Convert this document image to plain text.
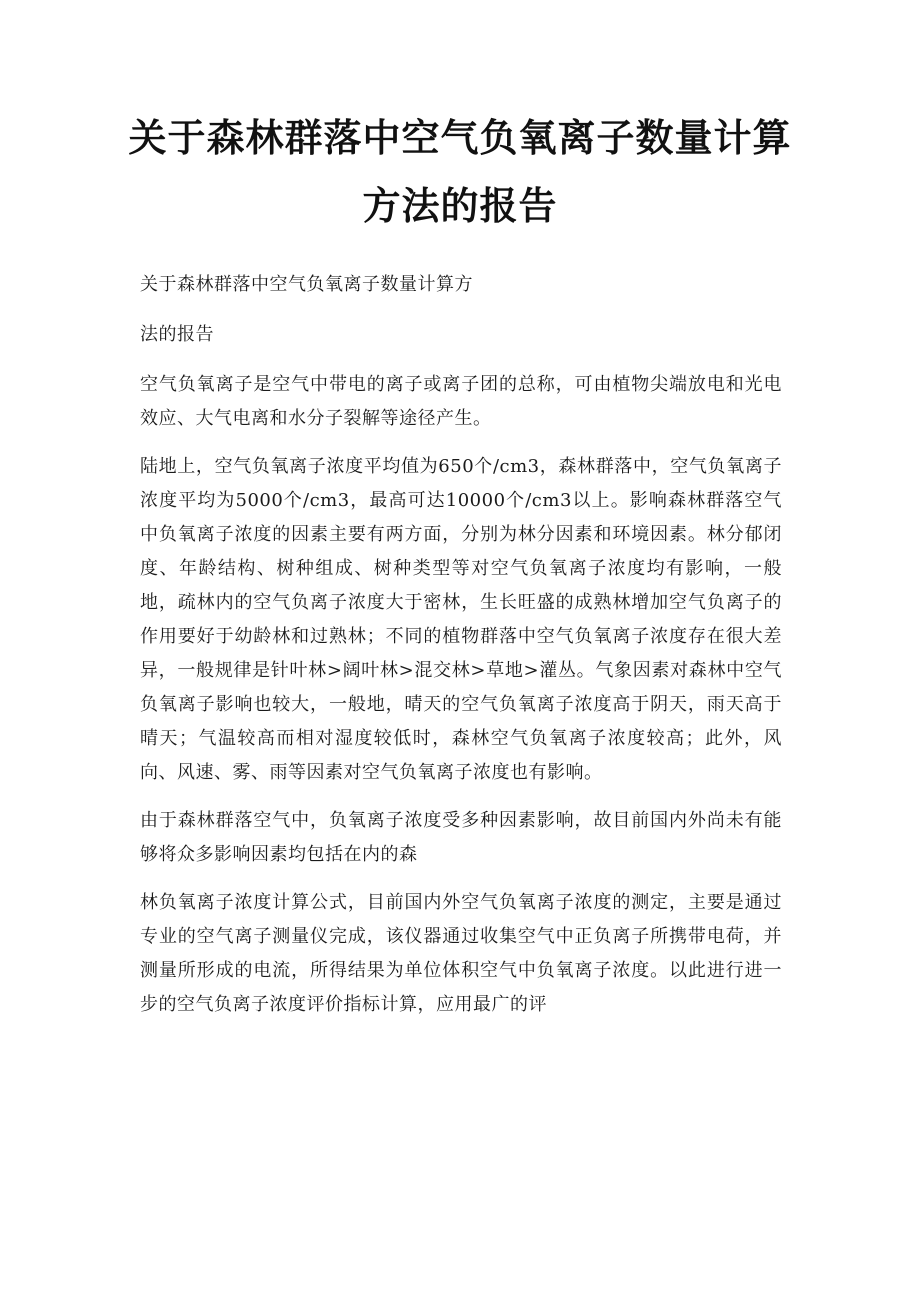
关于森林群落中空气负氧离子数量计算方法的报告

关于森林群落中空气负氧离子数量计算方

法的报告

空气负氧离子是空气中带电的离子或离子团的总称，可由植物尖端放电和光电效应、大气电离和水分子裂解等途径产生。

陆地上，空气负氧离子浓度平均值为650个/cm3，森林群落中，空气负氧离子浓度平均为5000个/cm3，最高可达10000个/cm3以上。影响森林群落空气中负氧离子浓度的因素主要有两方面，分别为林分因素和环境因素。林分郁闭度、年龄结构、树种组成、树种类型等对空气负氧离子浓度均有影响，一般地，疏林内的空气负离子浓度大于密林，生长旺盛的成熟林增加空气负离子的作用要好于幼龄林和过熟林；不同的植物群落中空气负氧离子浓度存在很大差异，一般规律是针叶林>阔叶林>混交林>草地>灌丛。气象因素对森林中空气负氧离子影响也较大，一般地，晴天的空气负氧离子浓度高于阴天，雨天高于晴天；气温较高而相对湿度较低时，森林空气负氧离子浓度较高；此外，风向、风速、雾、雨等因素对空气负氧离子浓度也有影响。

由于森林群落空气中，负氧离子浓度受多种因素影响，故目前国内外尚未有能够将众多影响因素均包括在内的森

林负氧离子浓度计算公式，目前国内外空气负氧离子浓度的测定，主要是通过专业的空气离子测量仪完成，该仪器通过收集空气中正负离子所携带电荷，并测量所形成的电流，所得结果为单位体积空气中负氧离子浓度。以此进行进一步的空气负离子浓度评价指标计算，应用最广的评
